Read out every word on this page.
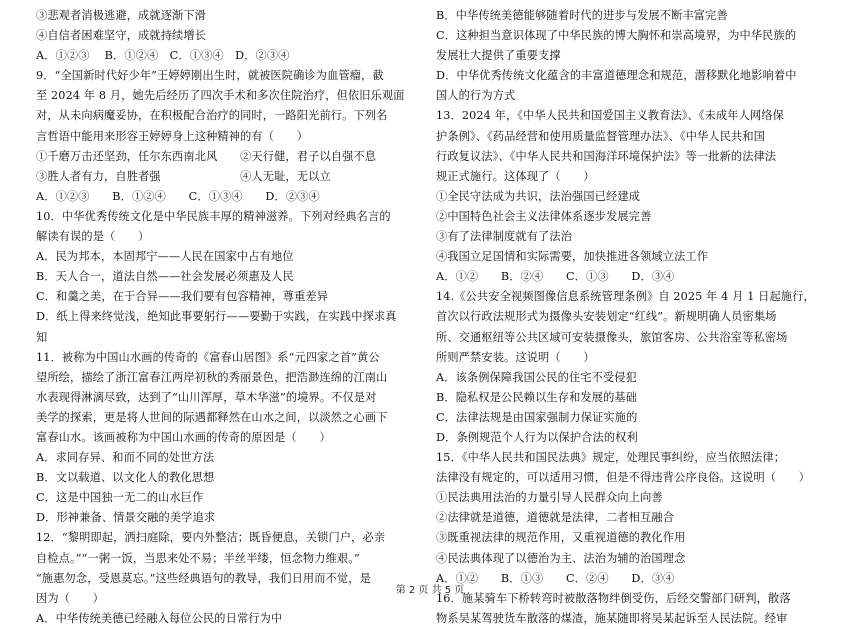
③悲观者消极逃避，成就逐渐下滑
④自信者困难坚守，成就持续增长
A．①②③　 B．①②④　C．①③④　D．②③④
9．“全国新时代好少年”王婷婷刚出生时，就被医院确诊为血管瘤，截
至 2024 年 8 月，她先后经历了四次手术和多次住院治疗，但依旧乐观面
对，从未向病魔妥协，在积极配合治疗的同时，一路阳光前行。下列名
言哲语中能用来形容王婷婷身上这种精神的有（　　）
①千磨万击还坚劲，任尔东西南北风　　②天行健，君子以自强不息
③胜人者有力，自胜者强　　　　　　　④人无耻，无以立
A．①②③　　B．①②④　　C．①③④　　D．②③④
10．中华优秀传统文化是中华民族丰厚的精神滋养。下列对经典名言的
解读有误的是（　　）
A．民为邦本，本固邦宁——人民在国家中占有地位
B．天人合一，道法自然——社会发展必须惠及人民
C．和羹之美，在于合异——我们要有包容精神，尊重差异
D．纸上得来终觉浅，绝知此事要躬行——要勤于实践，在实践中探求真
知
11．被称为中国山水画的传奇的《富春山居图》系“元四家之首”黄公
望所绘，描绘了浙江富春江两岸初秋的秀丽景色，把浩渺连绵的江南山
水表现得淋漓尽致，达到了“山川浑厚，草木华滋”的境界。不仅是对
美学的探索，更是将人世间的际遇都释然在山水之间，以淡然之心画下
富春山水。该画被称为中国山水画的传奇的原因是（　　）
A．求同存异、和而不同的处世方法
B．文以载道、以文化人的教化思想
C．这是中国独一无二的山水巨作
D．形神兼备、情景交融的美学追求
12．“黎明即起，洒扫庭除，要内外整洁；既昏便息，关锁门户，必亲
自检点。”“一粥一饭，当思来处不易；半丝半缕，恒念物力维艰。”
“施惠勿念，受恩莫忘。”这些经典语句的教导，我们日用而不觉，是
因为（　　）
A．中华传统美德已经融入每位公民的日常行为中
B．中华传统美德能够随着时代的进步与发展不断丰富完善
C．这种担当意识体现了中华民族的博大胸怀和崇高境界，为中华民族的
发展壮大提供了重要支撑
D．中华优秀传统文化蕴含的丰富道德理念和规范，潜移默化地影响着中
国人的行为方式
13．2024 年，《中华人民共和国爱国主义教育法》、《未成年人网络保
护条例》、《药品经营和使用质量监督管理办法》、《中华人民共和国
行政复议法》、《中华人民共和国海洋环境保护法》等一批新的法律法
规正式施行。这体现了（　　）
①全民守法成为共识，法治强国已经建成
②中国特色社会主义法律体系逐步发展完善
③有了法律制度就有了法治
④我国立足国情和实际需要，加快推进各领域立法工作
A．①②　　B．②④　　C．①③　　D．③④
14.《公共安全视频图像信息系统管理条例》自 2025 年 4 月 1 日起施行，
首次以行政法规形式为摄像头安装划定“红线”。新规明确人员密集场
所、交通枢纽等公共区域可安装摄像头，旅馆客房、公共浴室等私密场
所则严禁安装。这说明（　　）
A．该条例保障我国公民的住宅不受侵犯
B．隐私权是公民赖以生存和发展的基础
C．法律法规是由国家强制力保证实施的
D．条例规范个人行为以保护合法的权利
15．《中华人民共和国民法典》规定，处理民事纠纷，应当依照法律；
法律没有规定的，可以适用习惯，但是不得违背公序良俗。这说明（　　）
①民法典用法治的力量引导人民群众向上向善
②法律就是道德，道德就是法律，二者相互融合
③既重视法律的规范作用，又重视道德的教化作用
④民法典体现了以德治为主、法治为辅的治国理念
A．①②　　B．①③　　C．②④　　D．③④
16．施某骑车下桥转弯时被散落物绊倒受伤，后经交警部门研判，散落
物系吴某驾驶货车散落的煤渣，施某随即将吴某起诉至人民法院。经审
第 2 页 共 5 页
